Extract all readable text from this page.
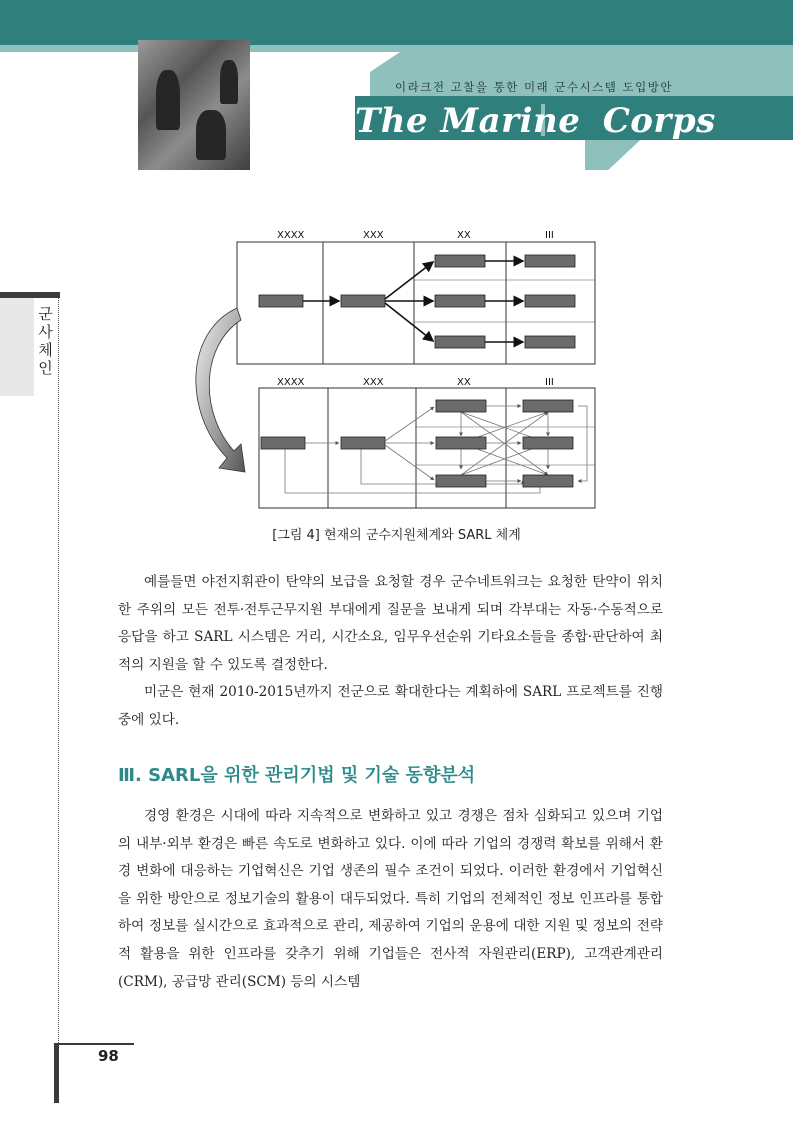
이라크전 고찰을 통한 미래 군수시스템 도입방안
The Marine Corps
군사체인
XXXX	XXX	XX	III
XXXX	XXX	XX	III
[그림 4] 현재의 군수지원체계와 SARL 체계

예를들면 야전지휘관이 탄약의 보급을 요청할 경우 군수네트워크는 요청한 탄약이 위치한 주위의 모든 전투·전투근무지원 부대에게 질문을 보내게 되며 각부대는 자동·수동적으로 응답을 하고 SARL 시스템은 거리, 시간소요, 임무우선순위 기타요소들을 종합·판단하여 최적의 지원을 할 수 있도록 결정한다.

미군은 현재 2010-2015년까지 전군으로 확대한다는 계획하에 SARL 프로젝트를 진행 중에 있다.

Ⅲ. SARL을 위한 관리기법 및 기술 동향분석

경영 환경은 시대에 따라 지속적으로 변화하고 있고 경쟁은 점차 심화되고 있으며 기업의 내부·외부 환경은 빠른 속도로 변화하고 있다. 이에 따라 기업의 경쟁력 확보를 위해서 환경 변화에 대응하는 기업혁신은 기업 생존의 필수 조건이 되었다. 이러한 환경에서 기업혁신을 위한 방안으로 정보기술의 활용이 대두되었다. 특히 기업의 전체적인 정보 인프라를 통합하여 정보를 실시간으로 효과적으로 관리, 제공하여 기업의 운용에 대한 지원 및 정보의 전략적 활용을 위한 인프라를 갖추기 위해 기업들은 전사적 자원관리(ERP), 고객관계관리(CRM), 공급망 관리(SCM) 등의 시스템

98
